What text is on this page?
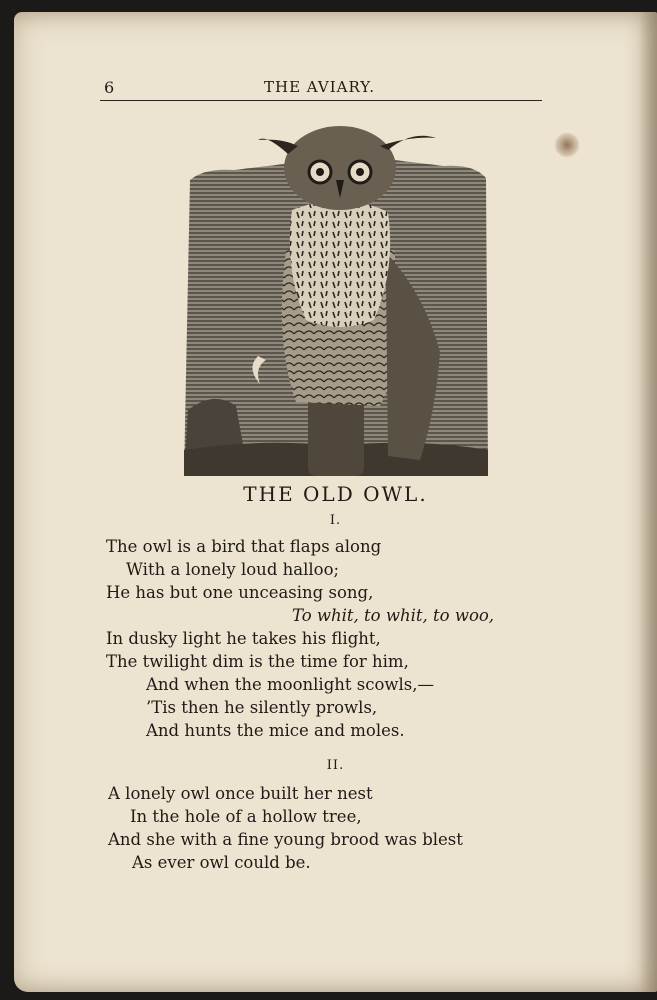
6	THE AVIARY.
THE OLD OWL.
I.
The owl is a bird that flaps along
With a lonely loud halloo;
He has but one unceasing song,
To whit, to whit, to woo,
In dusky light he takes his flight,
The twilight dim is the time for him,
And when the moonlight scowls,—
’Tis then he silently prowls,
And hunts the mice and moles.
II.
A lonely owl once built her nest
In the hole of a hollow tree,
And she with a fine young brood was blest
As ever owl could be.
